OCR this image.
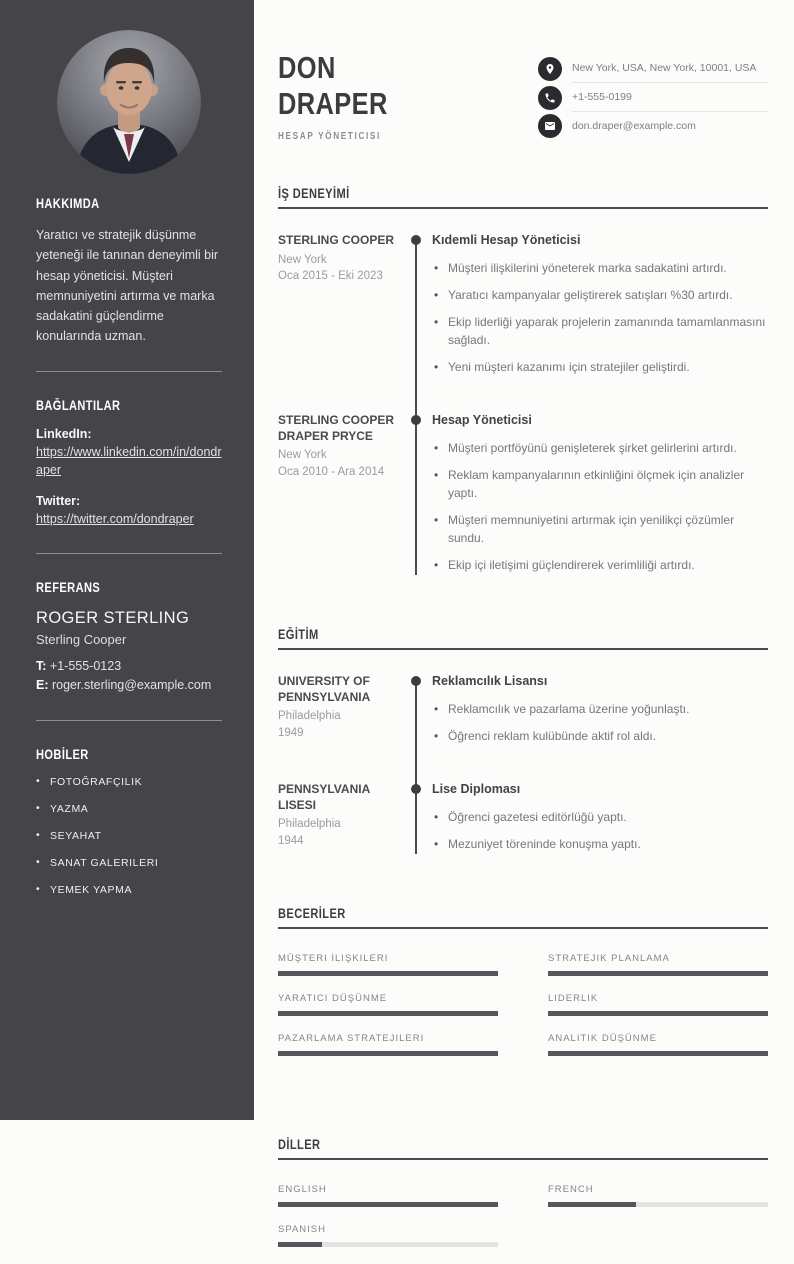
HAKKIMDA

Yaratıcı ve stratejik düşünme yeteneği ile tanınan deneyimli bir hesap yöneticisi. Müşteri memnuniyetini artırma ve marka sadakatini güçlendirme konularında uzman.

BAĞLANTILAR
LinkedIn:
https://www.linkedin.com/in/dondraper
Twitter:
https://twitter.com/dondraper
REFERANS
ROGER STERLING
Sterling Cooper
T: +1-555-0123
E: roger.sterling@example.com
HOBİLER
• FOTOĞRAFÇILIK
• YAZMA
• SEYAHAT
• SANAT GALERILERI
• YEMEK YAPMA
DON
DRAPER
HESAP YÖNETICISI
New York, USA, New York, 10001, USA
+1-555-0199
don.draper@example.com
İŞ DENEYİMİ
STERLING COOPER
New York
Oca 2015 - Eki 2023
Kıdemli Hesap Yöneticisi
• Müşteri ilişkilerini yöneterek marka sadakatini artırdı.
• Yaratıcı kampanyalar geliştirerek satışları %30 artırdı.
• Ekip liderliği yaparak projelerin zamanında tamamlanmasını sağladı.
• Yeni müşteri kazanımı için stratejiler geliştirdi.
STERLING COOPER DRAPER PRYCE
New York
Oca 2010 - Ara 2014
Hesap Yöneticisi
• Müşteri portföyünü genişleterek şirket gelirlerini artırdı.
• Reklam kampanyalarının etkinliğini ölçmek için analizler yaptı.
• Müşteri memnuniyetini artırmak için yenilikçi çözümler sundu.
• Ekip içi iletişimi güçlendirerek verimliliği artırdı.
EĞİTİM
UNIVERSITY OF PENNSYLVANIA
Philadelphia
1949
Reklamcılık Lisansı
• Reklamcılık ve pazarlama üzerine yoğunlaştı.
• Öğrenci reklam kulübünde aktif rol aldı.
PENNSYLVANIA LISESI
Philadelphia
1944
Lise Diploması
• Öğrenci gazetesi editörlüğü yaptı.
• Mezuniyet töreninde konuşma yaptı.
BECERİLER
MÜŞTERI İLIŞKILERI
YARATICI DÜŞÜNME
PAZARLAMA STRATEJILERI
STRATEJIK PLANLAMA
LIDERLIK
ANALITIK DÜŞÜNME
DİLLER
ENGLISH	FRENCH
SPANISH
